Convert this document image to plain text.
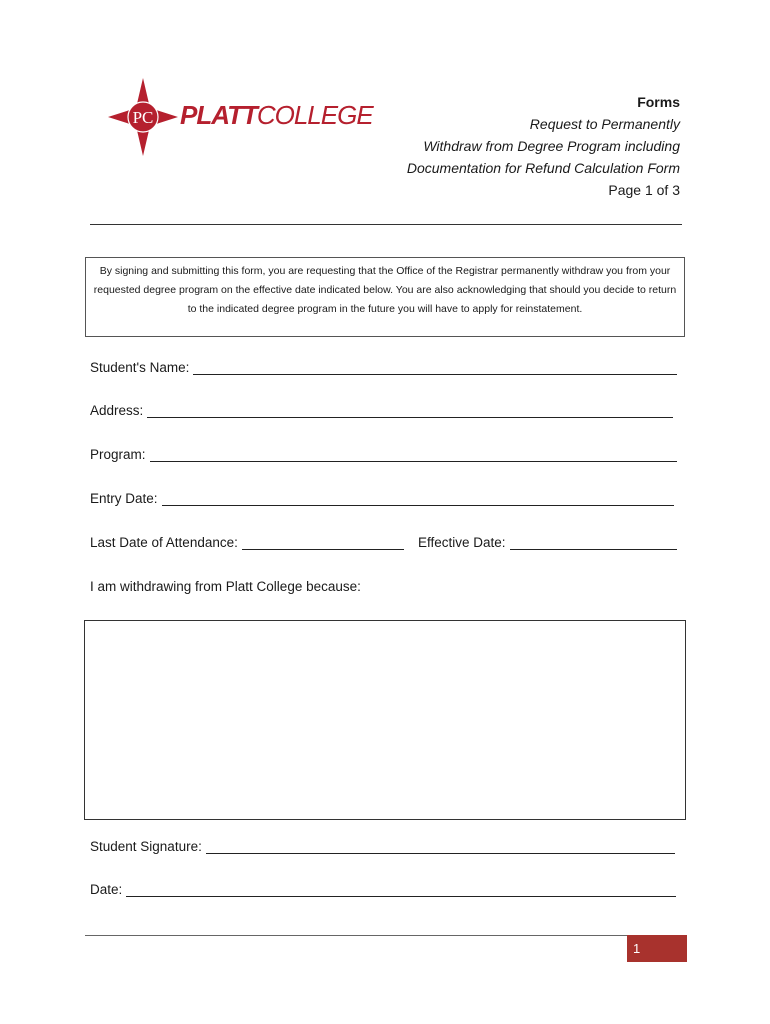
PC PLATTCOLLEGE	Forms
Request to Permanently
Withdraw from Degree Program including
Documentation for Refund Calculation Form
Page 1 of 3
By signing and submitting this form, you are requesting that the Office of the Registrar permanently withdraw you from your requested degree program on the effective date indicated below. You are also acknowledging that should you decide to return to the indicated degree program in the future you will have to apply for reinstatement.
Student's Name:
Address:
Program:
Entry Date:
Last Date of Attendance:	Effective Date:
I am withdrawing from Platt College because:
Student Signature:
Date:
1
